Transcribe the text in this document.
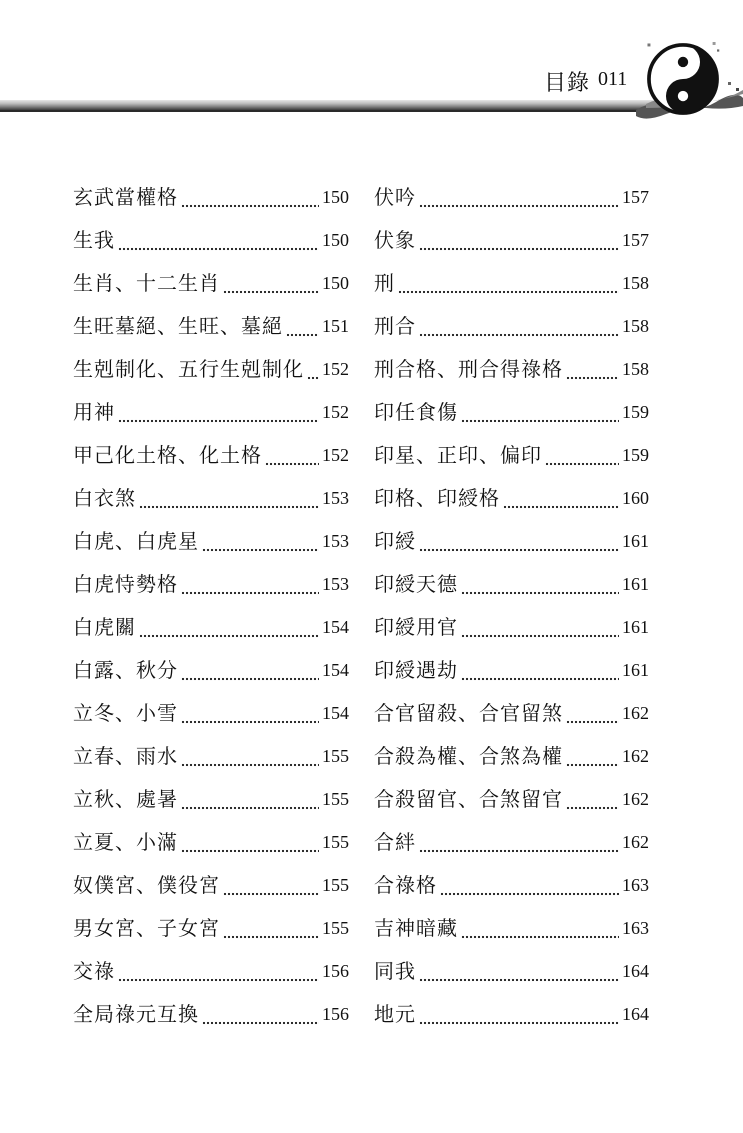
目錄 011
玄武當權格	150
生我	150
生肖、十二生肖	150
生旺墓絕、生旺、墓絕 151
生剋制化、五行生剋制化 152
用神	152
甲己化土格、化土格	152
白衣煞	153
白虎、白虎星	153
白虎恃勢格	153
白虎關	154
白露、秋分	154
立冬、小雪	154
立春、雨水	155
立秋、處暑	155
立夏、小滿	155
奴僕宮、僕役宮	155
男女宮、子女宮	155
交祿	156
全局祿元互換	156
伏吟	157
伏象	157
刑	158
刑合	158
刑合格、刑合得祿格	158
印任食傷	159
印星、正印、偏印	159
印格、印綬格	160
印綬	161
印綬天德	161
印綬用官	161
印綬遇劫	161
合官留殺、合官留煞	162
合殺為權、合煞為權	162
合殺留官、合煞留官	162
合絆	162
合祿格	163
吉神暗藏	163
同我	164
地元	164
